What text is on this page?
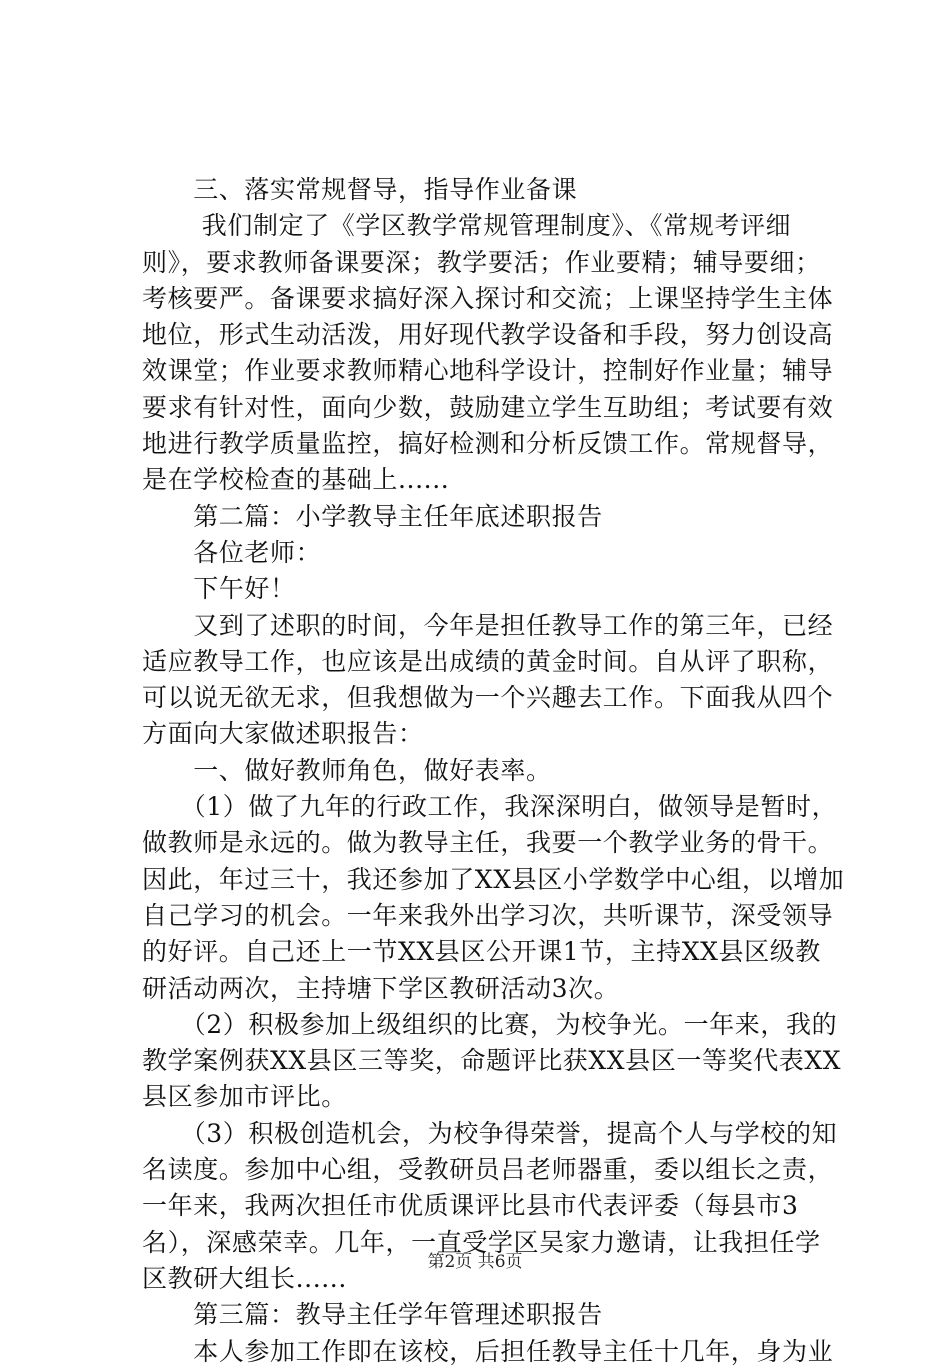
　　三、落实常规督导，指导作业备课
　　 我们制定了《学区教学常规管理制度》、《常规考评细
则》，要求教师备课要深；教学要活；作业要精；辅导要细；
考核要严。备课要求搞好深入探讨和交流；上课坚持学生主体
地位，形式生动活泼，用好现代教学设备和手段，努力创设高
效课堂；作业要求教师精心地科学设计，控制好作业量；辅导
要求有针对性，面向少数，鼓励建立学生互助组；考试要有效
地进行教学质量监控，搞好检测和分析反馈工作。常规督导，
是在学校检查的基础上......
　　第二篇：小学教导主任年底述职报告
　　各位老师：
　　下午好！
　　又到了述职的时间，今年是担任教导工作的第三年，已经
适应教导工作，也应该是出成绩的黄金时间。自从评了职称，
可以说无欲无求，但我想做为一个兴趣去工作。下面我从四个
方面向大家做述职报告：
　　一、做好教师角色，做好表率。
　　（1）做了九年的行政工作，我深深明白，做领导是暂时，
做教师是永远的。做为教导主任，我要一个教学业务的骨干。
因此，年过三十，我还参加了XX县区小学数学中心组，以增加
自己学习的机会。一年来我外出学习次，共听课节，深受领导
的好评。自己还上一节XX县区公开课1节，主持XX县区级教
研活动两次，主持塘下学区教研活动3次。
　　（2）积极参加上级组织的比赛，为校争光。一年来，我的
教学案例获XX县区三等奖，命题评比获XX县区一等奖代表XX
县区参加市评比。
　　（3）积极创造机会，为校争得荣誉，提高个人与学校的知
名读度。参加中心组，受教研员吕老师器重，委以组长之责，
一年来，我两次担任市优质课评比县市代表评委（每县市3
名），深感荣幸。几年，一直受学区吴家力邀请，让我担任学
区教研大组长......
　　第三篇：教导主任学年管理述职报告
　　本人参加工作即在该校，后担任教导主任十几年，身为业
第2页 共6页
